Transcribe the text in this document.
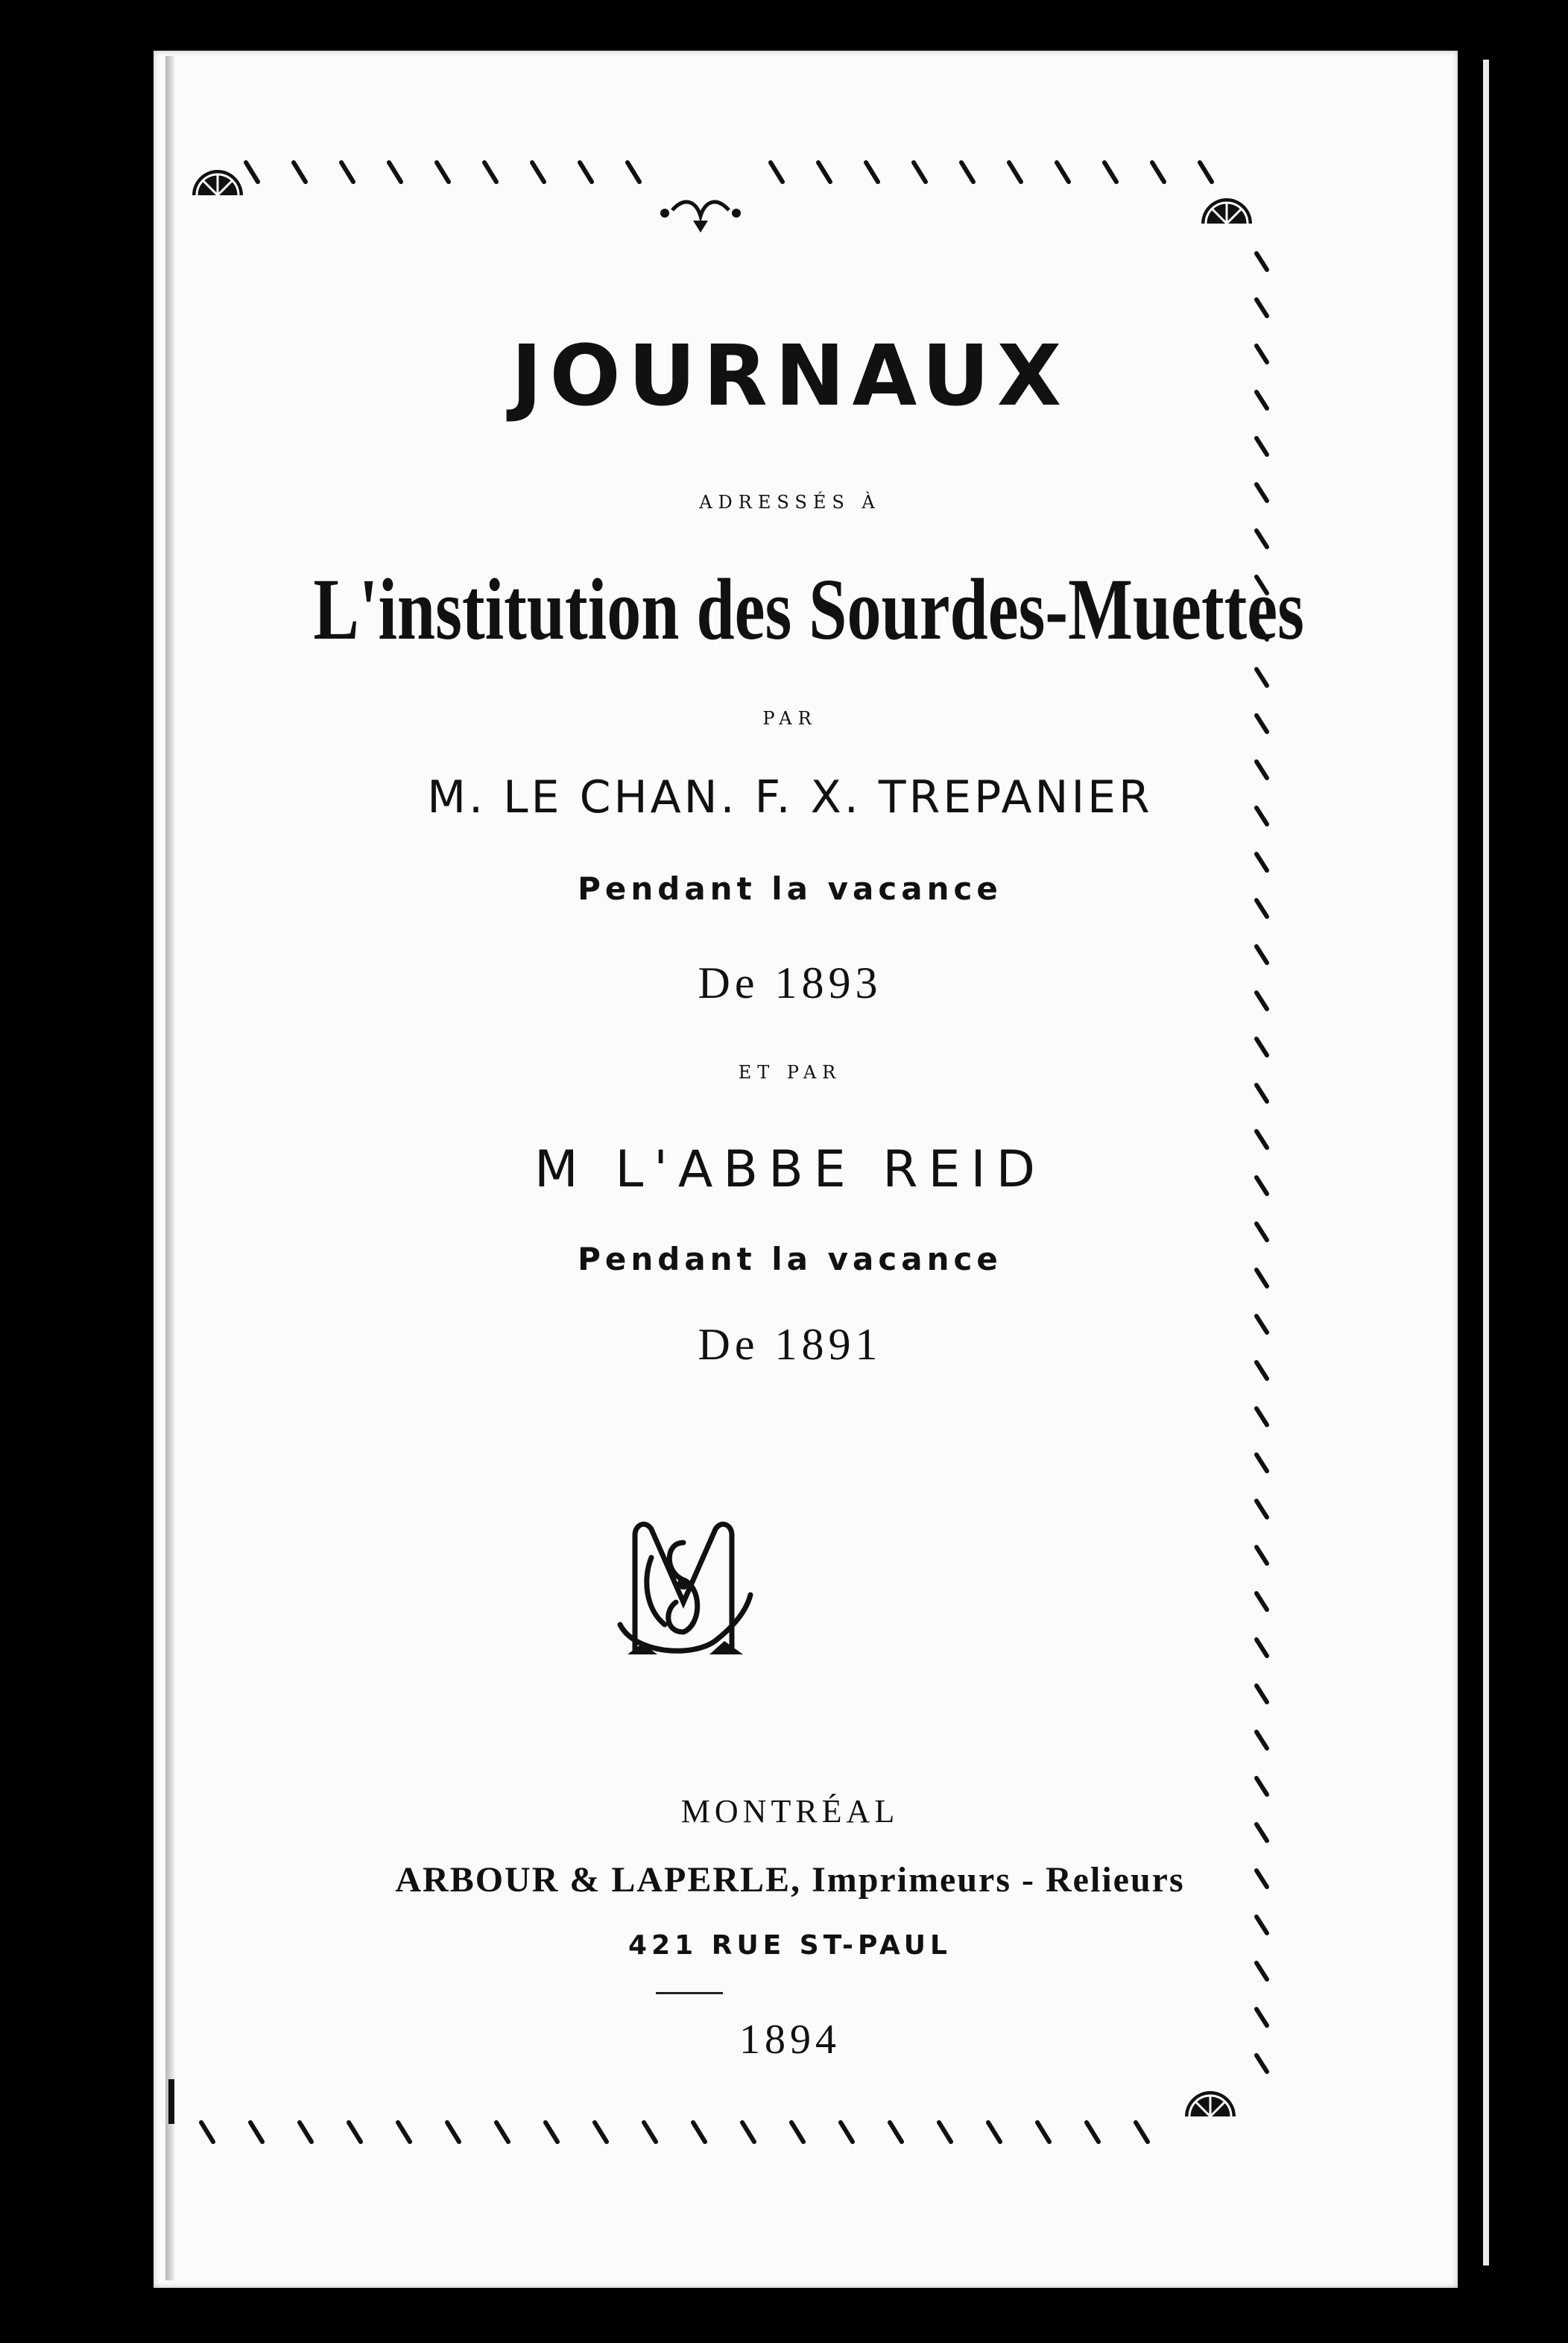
JOURNAUX
ADRESSÉS À
L'institution des Sourdes-Muettes
PAR
M. LE CHAN. F. X. TREPANIER
Pendant la vacance
De 1893
ET PAR
M L'ABBE REID
Pendant la vacance
De 1891
MONTRÉAL
ARBOUR & LAPERLE, Imprimeurs - Relieurs
421 RUE ST-PAUL
1894
